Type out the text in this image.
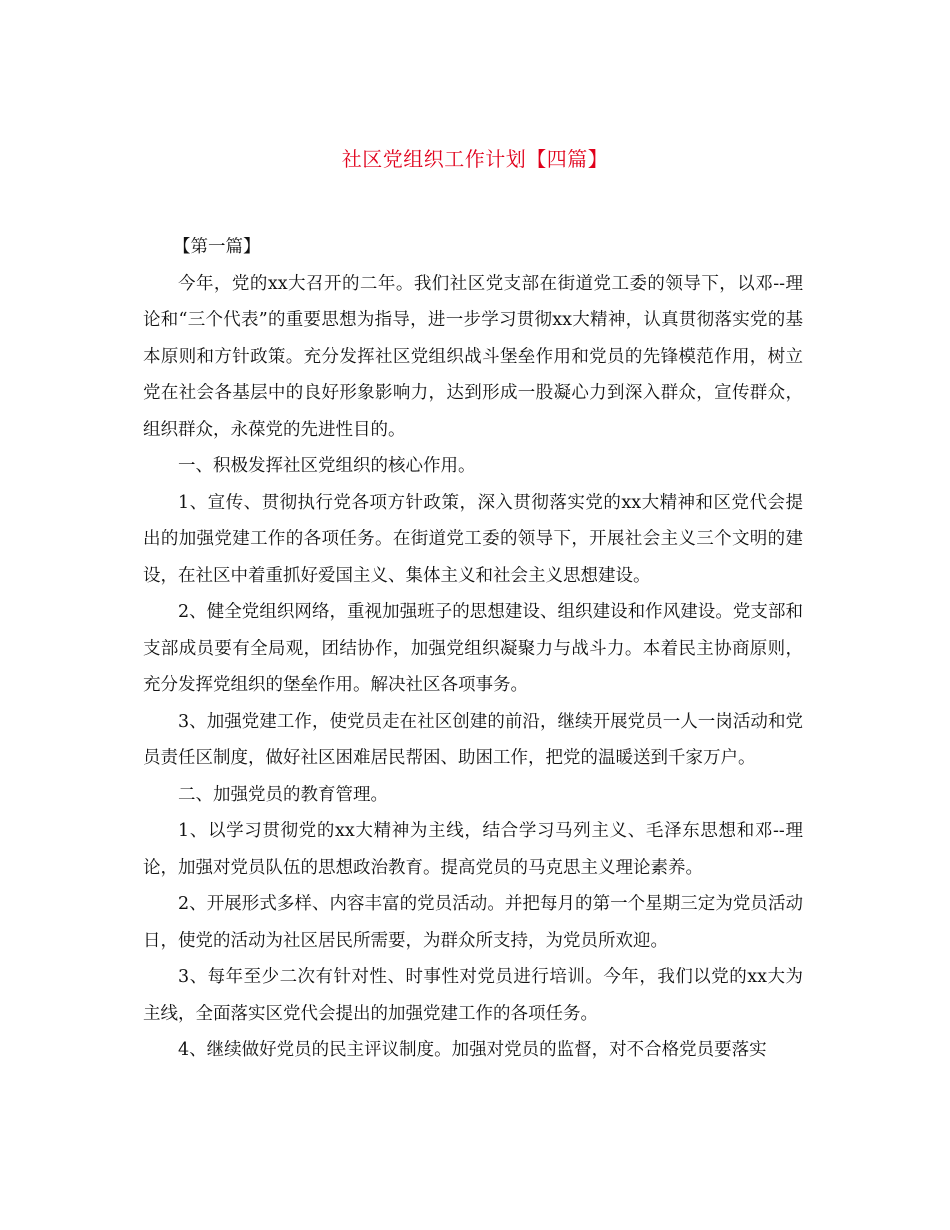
社区党组织工作计划【四篇】

【第一篇】

今年，党的xx大召开的二年。我们社区党支部在街道党工委的领导下，以邓--理论和“三个代表”的重要思想为指导，进一步学习贯彻xx大精神，认真贯彻落实党的基本原则和方针政策。充分发挥社区党组织战斗堡垒作用和党员的先锋模范作用，树立党在社会各基层中的良好形象影响力，达到形成一股凝心力到深入群众，宣传群众，组织群众，永葆党的先进性目的。

一、积极发挥社区党组织的核心作用。

1、宣传、贯彻执行党各项方针政策，深入贯彻落实党的xx大精神和区党代会提出的加强党建工作的各项任务。在街道党工委的领导下，开展社会主义三个文明的建设，在社区中着重抓好爱国主义、集体主义和社会主义思想建设。

2、健全党组织网络，重视加强班子的思想建设、组织建设和作风建设。党支部和支部成员要有全局观，团结协作，加强党组织凝聚力与战斗力。本着民主协商原则，充分发挥党组织的堡垒作用。解决社区各项事务。

3、加强党建工作，使党员走在社区创建的前沿，继续开展党员一人一岗活动和党员责任区制度，做好社区困难居民帮困、助困工作，把党的温暖送到千家万户。

二、加强党员的教育管理。

1、以学习贯彻党的xx大精神为主线，结合学习马列主义、毛泽东思想和邓--理论，加强对党员队伍的思想政治教育。提高党员的马克思主义理论素养。

2、开展形式多样、内容丰富的党员活动。并把每月的第一个星期三定为党员活动日，使党的活动为社区居民所需要，为群众所支持，为党员所欢迎。

3、每年至少二次有针对性、时事性对党员进行培训。今年，我们以党的xx大为主线，全面落实区党代会提出的加强党建工作的各项任务。

4、继续做好党员的民主评议制度。加强对党员的监督，对不合格党员要落实
